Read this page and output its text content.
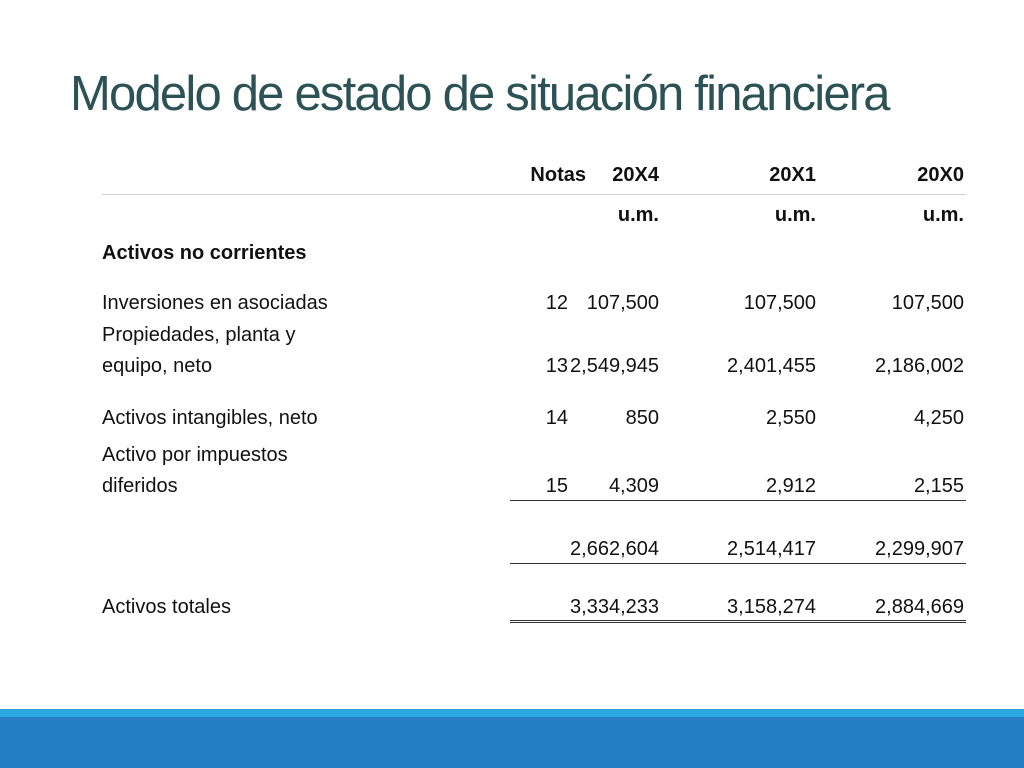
Modelo de estado de situación financiera
Notas 20X4	20X1	20X0
u.m.	u.m.	u.m.
Activos no corrientes
Inversiones en asociadas	12 107,500	107,500	107,500
Propiedades, planta y
equipo, neto	13 2,549,945	2,401,455	2,186,002
Activos intangibles, neto	14	850	2,550	4,250
Activo por impuestos
diferidos	15 4,309	2,912	2,155
2,662,604	2,514,417	2,299,907
Activos totales	3,334,233	3,158,274	2,884,669
